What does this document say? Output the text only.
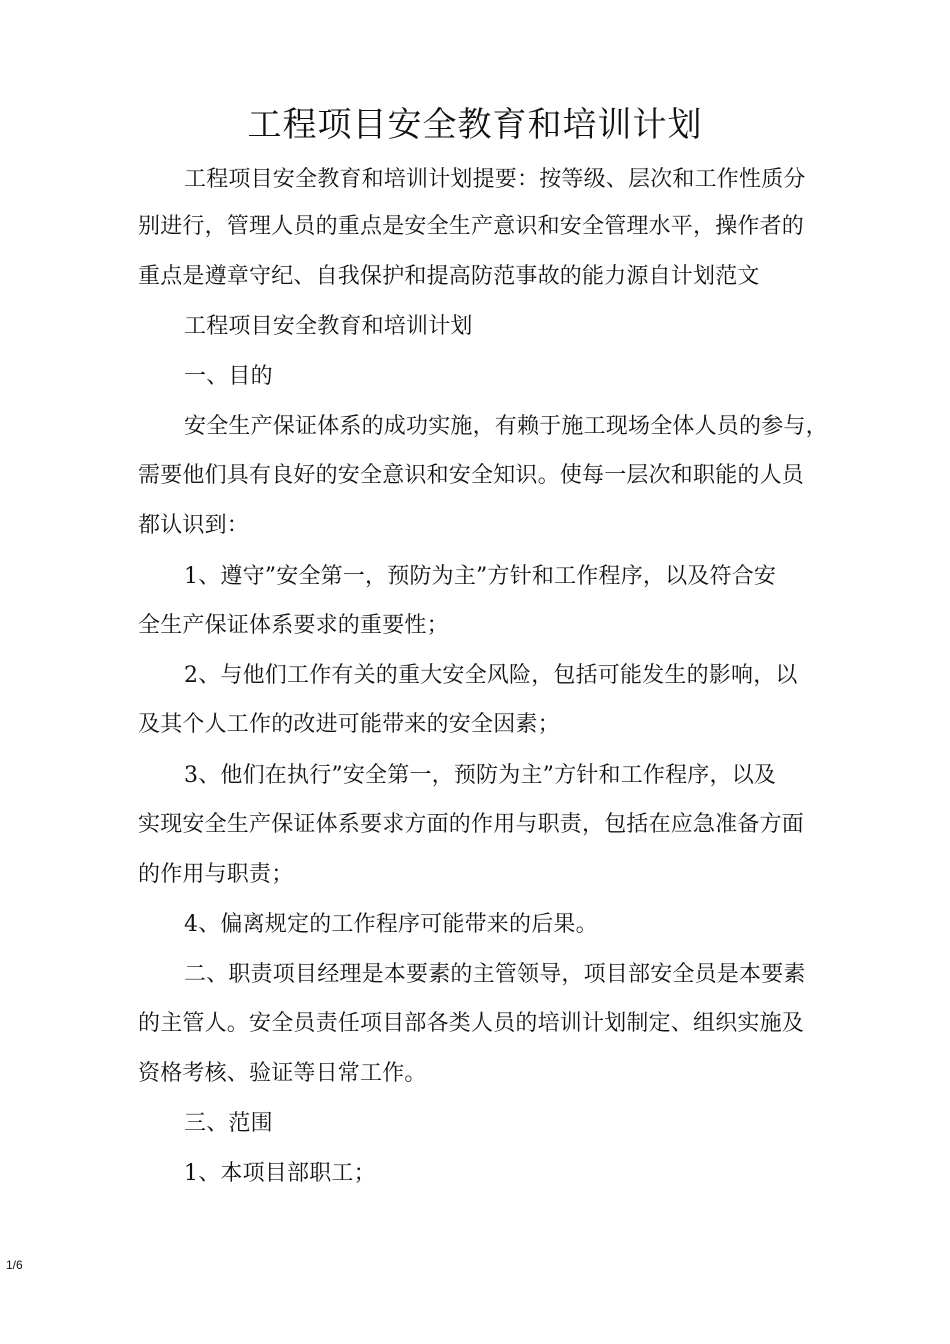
工程项目安全教育和培训计划
工程项目安全教育和培训计划提要：按等级、层次和工作性质分
别进行，管理人员的重点是安全生产意识和安全管理水平，操作者的
重点是遵章守纪、自我保护和提高防范事故的能力源自计划范文
工程项目安全教育和培训计划
一、目的
安全生产保证体系的成功实施，有赖于施工现场全体人员的参与，
需要他们具有良好的安全意识和安全知识。使每一层次和职能的人员
都认识到：
1、遵守”安全第一，预防为主”方针和工作程序，以及符合安
全生产保证体系要求的重要性；
2、与他们工作有关的重大安全风险，包括可能发生的影响，以
及其个人工作的改进可能带来的安全因素；
3、他们在执行”安全第一，预防为主”方针和工作程序，以及
实现安全生产保证体系要求方面的作用与职责，包括在应急准备方面
的作用与职责；
4、偏离规定的工作程序可能带来的后果。
二、职责项目经理是本要素的主管领导，项目部安全员是本要素
的主管人。安全员责任项目部各类人员的培训计划制定、组织实施及
资格考核、验证等日常工作。
三、范围
1、本项目部职工；
1/6
